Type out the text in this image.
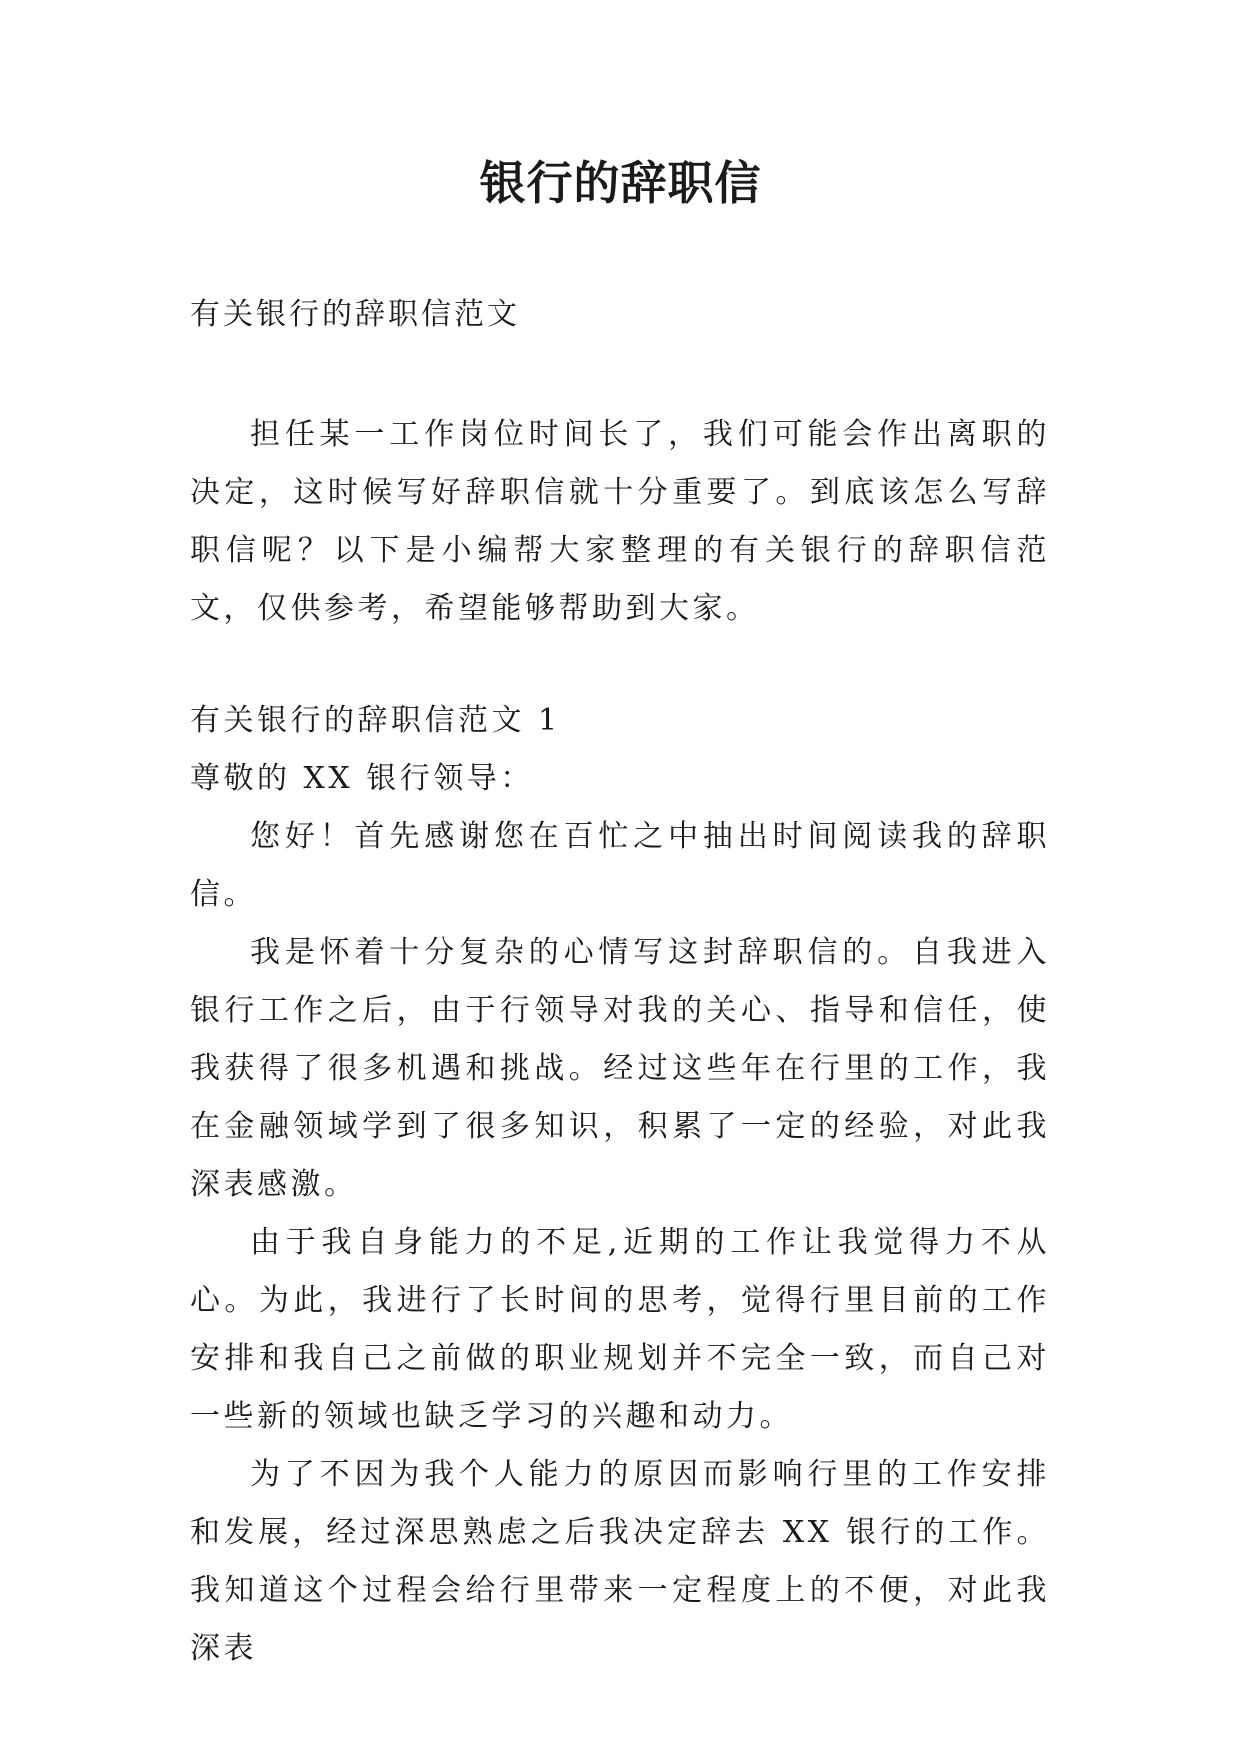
银行的辞职信

有关银行的辞职信范文

担任某一工作岗位时间长了，我们可能会作出离职的决定，这时候写好辞职信就十分重要了。到底该怎么写辞职信呢？以下是小编帮大家整理的有关银行的辞职信范文，仅供参考，希望能够帮助到大家。

有关银行的辞职信范文 1

尊敬的 XX 银行领导：

您好！首先感谢您在百忙之中抽出时间阅读我的辞职信。

我是怀着十分复杂的心情写这封辞职信的。自我进入银行工作之后，由于行领导对我的关心、指导和信任，使我获得了很多机遇和挑战。经过这些年在行里的工作，我在金融领域学到了很多知识，积累了一定的经验，对此我深表感激。

由于我自身能力的不足,近期的工作让我觉得力不从心。为此，我进行了长时间的思考，觉得行里目前的工作安排和我自己之前做的职业规划并不完全一致，而自己对一些新的领域也缺乏学习的兴趣和动力。

为了不因为我个人能力的原因而影响行里的工作安排和发展，经过深思熟虑之后我决定辞去 XX 银行的工作。我知道这个过程会给行里带来一定程度上的不便，对此我深表
